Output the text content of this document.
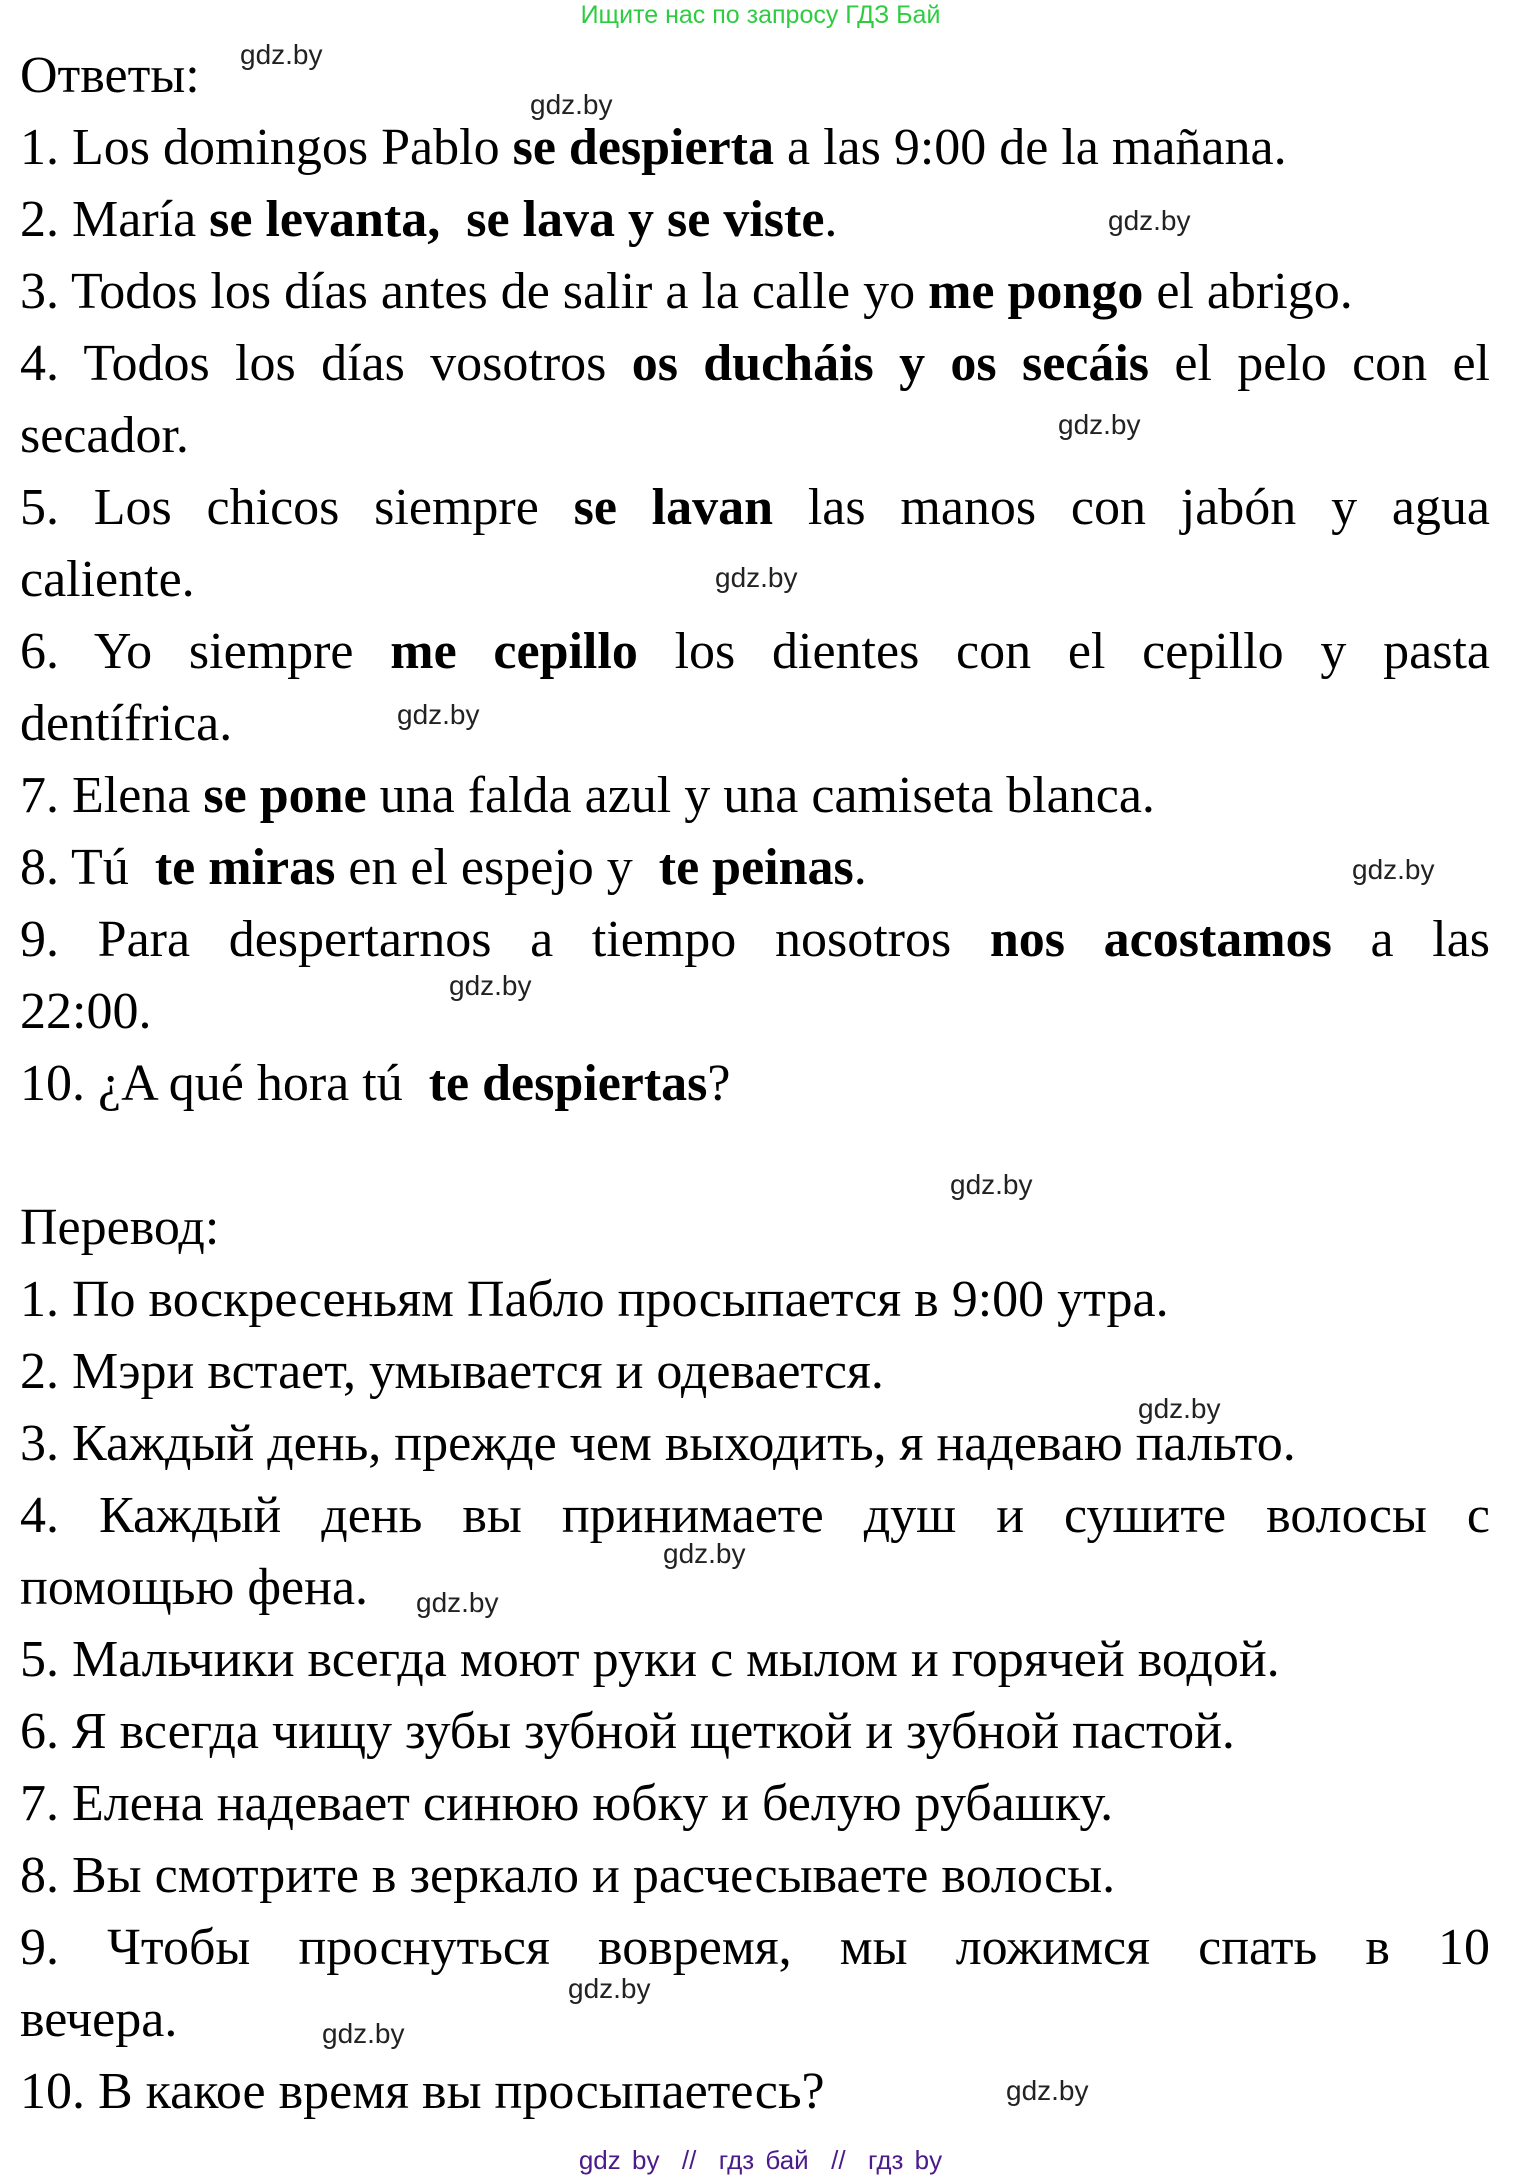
Ищите нас по запросу ГДЗ Бай
Ответы:
1. Los domingos Pablo se despierta a las 9:00 de la mañana.
2. María se levanta,  se lava y se viste.
3. Todos los días antes de salir a la calle yo me pongo el abrigo.
4. Todos los días vosotros os ducháis y os secáis el pelo con el
secador.
5. Los chicos siempre se lavan las manos con jabón y agua
caliente.
6. Yo siempre me cepillo los dientes con el cepillo y pasta
dentífrica.
7. Elena se pone una falda azul y una camiseta blanca.
8. Tú  te miras en el espejo y  te peinas.
9. Para despertarnos a tiempo nosotros nos acostamos a las
22:00.
10. ¿A qué hora tú  te despiertas?
Перевод:
1. По воскресеньям Пабло просыпается в 9:00 утра.
2. Мэри встает, умывается и одевается.
3. Каждый день, прежде чем выходить, я надеваю пальто.
4. Каждый день вы принимаете душ и сушите волосы с
помощью фена.
5. Мальчики всегда моют руки с мылом и горячей водой.
6. Я всегда чищу зубы зубной щеткой и зубной пастой.
7. Елена надевает синюю юбку и белую рубашку.
8. Вы смотрите в зеркало и расчесываете волосы.
9. Чтобы проснуться вовремя, мы ложимся спать в 10
вечера.
10. В какое время вы просыпаетесь?
gdz.by
gdz.by
gdz.by
gdz.by
gdz.by
gdz.by
gdz.by
gdz.by
gdz.by
gdz.by
gdz.by
gdz.by
gdz.by
gdz.by
gdz.by
gdz by  //  гдз бай  //  гдз by
